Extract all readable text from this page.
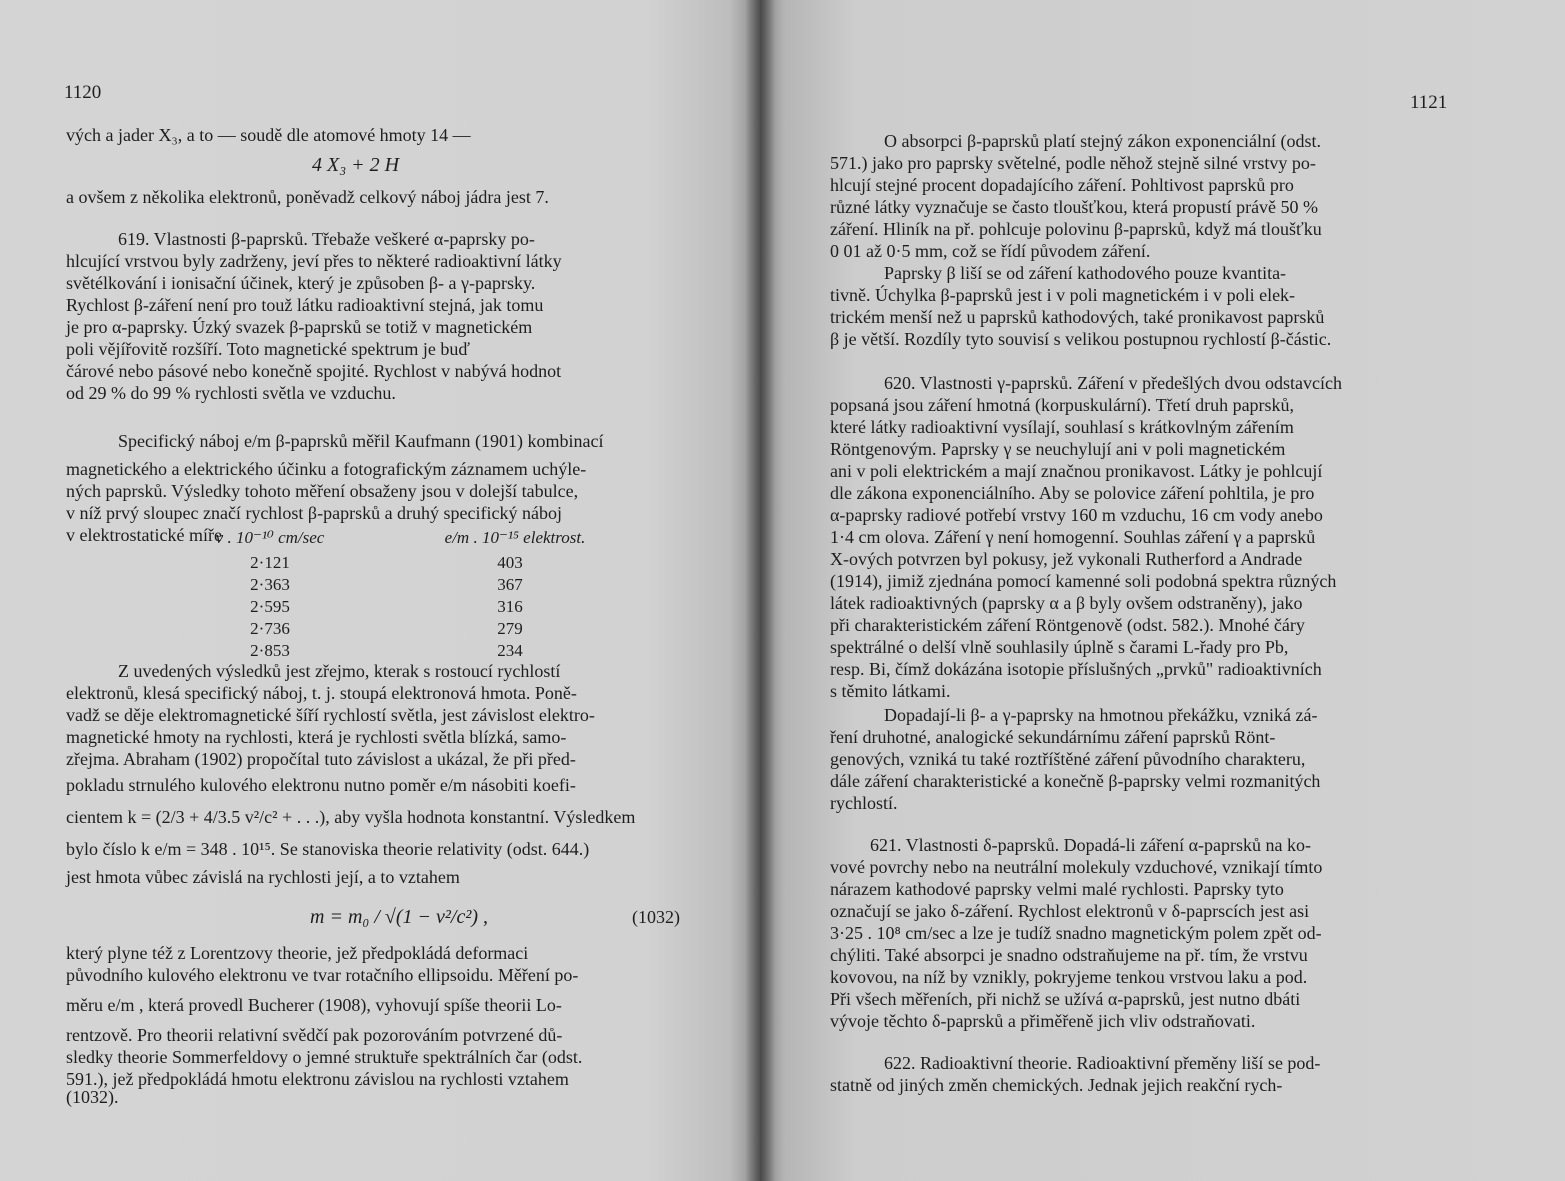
1120
vých a jader X₃, a to — soudě dle atomové hmoty 14 —
4 X₃ + 2 H
a ovšem z několika elektronů, poněvadž celkový náboj jádra jest 7.
619. Vlastnosti β-paprsků. Třebaže veškeré α-paprsky po-
hlcující vrstvou byly zadrženy, jeví přes to některé radioaktivní látky
světélkování i ionisační účinek, který je způsoben β- a γ-paprsky.
Rychlost β-záření není pro touž látku radioaktivní stejná, jak tomu
je pro α-paprsky. Úzký svazek β-paprsků se totiž v magnetickém
poli vějířovitě rozšíří. Toto magnetické spektrum je buď
čárové nebo pásové nebo konečně spojité. Rychlost v nabývá hodnot
od 29 % do 99 % rychlosti světla ve vzduchu.
Specifický náboj e/m β-paprsků měřil Kaufmann (1901) kombinací
magnetického a elektrického účinku a fotografickým záznamem uchýle-
ných paprsků. Výsledky tohoto měření obsaženy jsou v dolejší tabulce,
v níž prvý sloupec značí rychlost β-paprsků a druhý specifický náboj
v elektrostatické míře
v . 10⁻¹⁰ cm/sec	e/m . 10⁻¹⁵ elektrost.
2·121
2·363
2·595
2·736
2·853
403
367
316
279
234
Z uvedených výsledků jest zřejmo, kterak s rostoucí rychlostí
elektronů, klesá specifický náboj, t. j. stoupá elektronová hmota. Poně-
vadž se děje elektromagnetické šíří rychlostí světla, jest závislost elektro-
magnetické hmoty na rychlosti, která je rychlosti světla blízká, samo-
zřejma. Abraham (1902) propočítal tuto závislost a ukázal, že při před-
pokladu strnulého kulového elektronu nutno poměr e/m násobiti koefi-
cientem k = (2/3 + 4/3.5 v²/c² + . . .), aby vyšla hodnota konstantní. Výsledkem
bylo číslo k e/m = 348 . 10¹⁵. Se stanoviska theorie relativity (odst. 644.)
jest hmota vůbec závislá na rychlosti její, a to vztahem
m = m₀ / √(1 − v²/c²) ,	(1032)
který plyne též z Lorentzovy theorie, jež předpokládá deformaci
původního kulového elektronu ve tvar rotačního ellipsoidu. Měření po-
měru e/m , která provedl Bucherer (1908), vyhovují spíše theorii Lo-
rentzově. Pro theorii relativní svědčí pak pozorováním potvrzené dů-
sledky theorie Sommerfeldovy o jemné struktuře spektrálních čar (odst.
591.), jež předpokládá hmotu elektronu závislou na rychlosti vztahem
(1032).
1121
O absorpci β-paprsků platí stejný zákon exponenciální (odst.
571.) jako pro paprsky světelné, podle něhož stejně silné vrstvy po-
hlcují stejné procent dopadajícího záření. Pohltivost paprsků pro
různé látky vyznačuje se často tloušťkou, která propustí právě 50 %
záření. Hliník na př. pohlcuje polovinu β-paprsků, když má tloušťku
0 01 až 0·5 mm, což se řídí původem záření.
Paprsky β liší se od záření kathodového pouze kvantita-
tivně. Úchylka β-paprsků jest i v poli magnetickém i v poli elek-
trickém menší než u paprsků kathodových, také pronikavost paprsků
β je větší. Rozdíly tyto souvisí s velikou postupnou rychlostí β-částic.
620. Vlastnosti γ-paprsků. Záření v předešlých dvou odstavcích
popsaná jsou záření hmotná (korpuskulární). Třetí druh paprsků,
které látky radioaktivní vysílají, souhlasí s krátkovlným zářením
Röntgenovým. Paprsky γ se neuchylují ani v poli magnetickém
ani v poli elektrickém a mají značnou pronikavost. Látky je pohlcují
dle zákona exponenciálního. Aby se polovice záření pohltila, je pro
α-paprsky radiové potřebí vrstvy 160 m vzduchu, 16 cm vody anebo
1·4 cm olova. Záření γ není homogenní. Souhlas záření γ a paprsků
X-ových potvrzen byl pokusy, jež vykonali Rutherford a Andrade
(1914), jimiž zjednána pomocí kamenné soli podobná spektra různých
látek radioaktivných (paprsky α a β byly ovšem odstraněny), jako
při charakteristickém záření Röntgenově (odst. 582.). Mnohé čáry
spektrálné o delší vlně souhlasily úplně s čarami L-řady pro Pb,
resp. Bi, čímž dokázána isotopie příslušných „prvků" radioaktivních
s těmito látkami.
Dopadají-li β- a γ-paprsky na hmotnou překážku, vzniká zá-
ření druhotné, analogické sekundárnímu záření paprsků Rönt-
genových, vzniká tu také roztříštěné záření původního charakteru,
dále záření charakteristické a konečně β-paprsky velmi rozmanitých
rychlostí.
621. Vlastnosti δ-paprsků. Dopadá-li záření α-paprsků na ko-
vové povrchy nebo na neutrální molekuly vzduchové, vznikají tímto
nárazem kathodové paprsky velmi malé rychlosti. Paprsky tyto
označují se jako δ-záření. Rychlost elektronů v δ-paprscích jest asi
3·25 . 10⁸ cm/sec a lze je tudíž snadno magnetickým polem zpět od-
chýliti. Také absorpci je snadno odstraňujeme na př. tím, že vrstvu
kovovou, na níž by vznikly, pokryjeme tenkou vrstvou laku a pod.
Při všech měřeních, při nichž se užívá α-paprsků, jest nutno dbáti
vývoje těchto δ-paprsků a přiměřeně jich vliv odstraňovati.
622. Radioaktivní theorie. Radioaktivní přeměny liší se pod-
statně od jiných změn chemických. Jednak jejich reakční rych-
